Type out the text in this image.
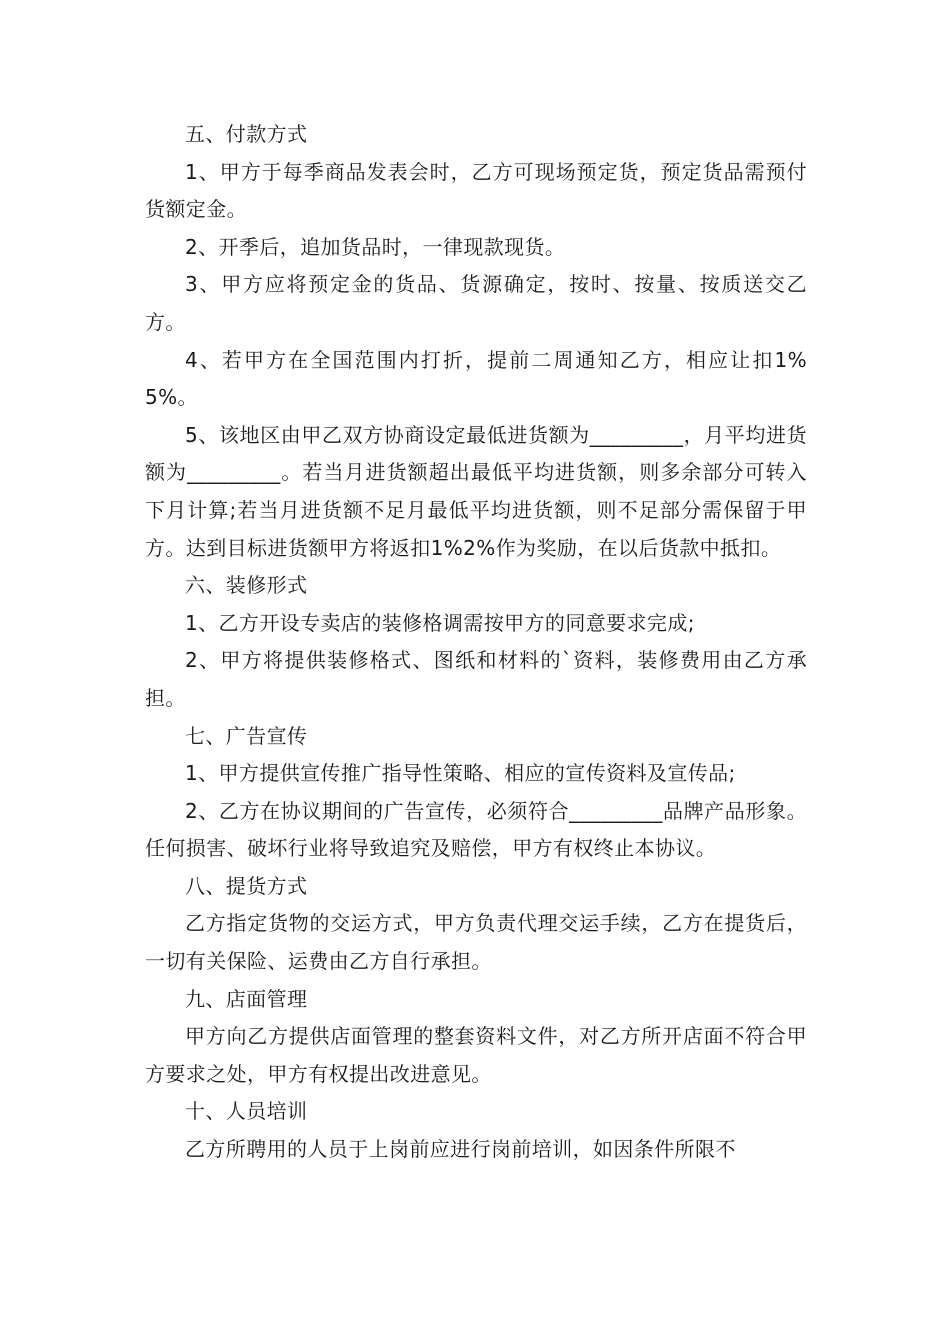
五、付款方式

1、甲方于每季商品发表会时，乙方可现场预定货，预定货品需预付货额定金。

2、开季后，追加货品时，一律现款现货。

3、甲方应将预定金的货品、货源确定，按时、按量、按质送交乙方。

4、若甲方在全国范围内打折，提前二周通知乙方，相应让扣1%5%。

5、该地区由甲乙双方协商设定最低进货额为_________，月平均进货额为_________。若当月进货额超出最低平均进货额，则多余部分可转入下月计算;若当月进货额不足月最低平均进货额，则不足部分需保留于甲方。达到目标进货额甲方将返扣1%2%作为奖励，在以后货款中抵扣。

六、装修形式

1、乙方开设专卖店的装修格调需按甲方的同意要求完成;

2、甲方将提供装修格式、图纸和材料的`资料，装修费用由乙方承担。

七、广告宣传

1、甲方提供宣传推广指导性策略、相应的宣传资料及宣传品;

2、乙方在协议期间的广告宣传，必须符合_________品牌产品形象。任何损害、破坏行业将导致追究及赔偿，甲方有权终止本协议。

八、提货方式

乙方指定货物的交运方式，甲方负责代理交运手续，乙方在提货后，一切有关保险、运费由乙方自行承担。

九、店面管理

甲方向乙方提供店面管理的整套资料文件，对乙方所开店面不符合甲方要求之处，甲方有权提出改进意见。

十、人员培训

乙方所聘用的人员于上岗前应进行岗前培训，如因条件所限不
